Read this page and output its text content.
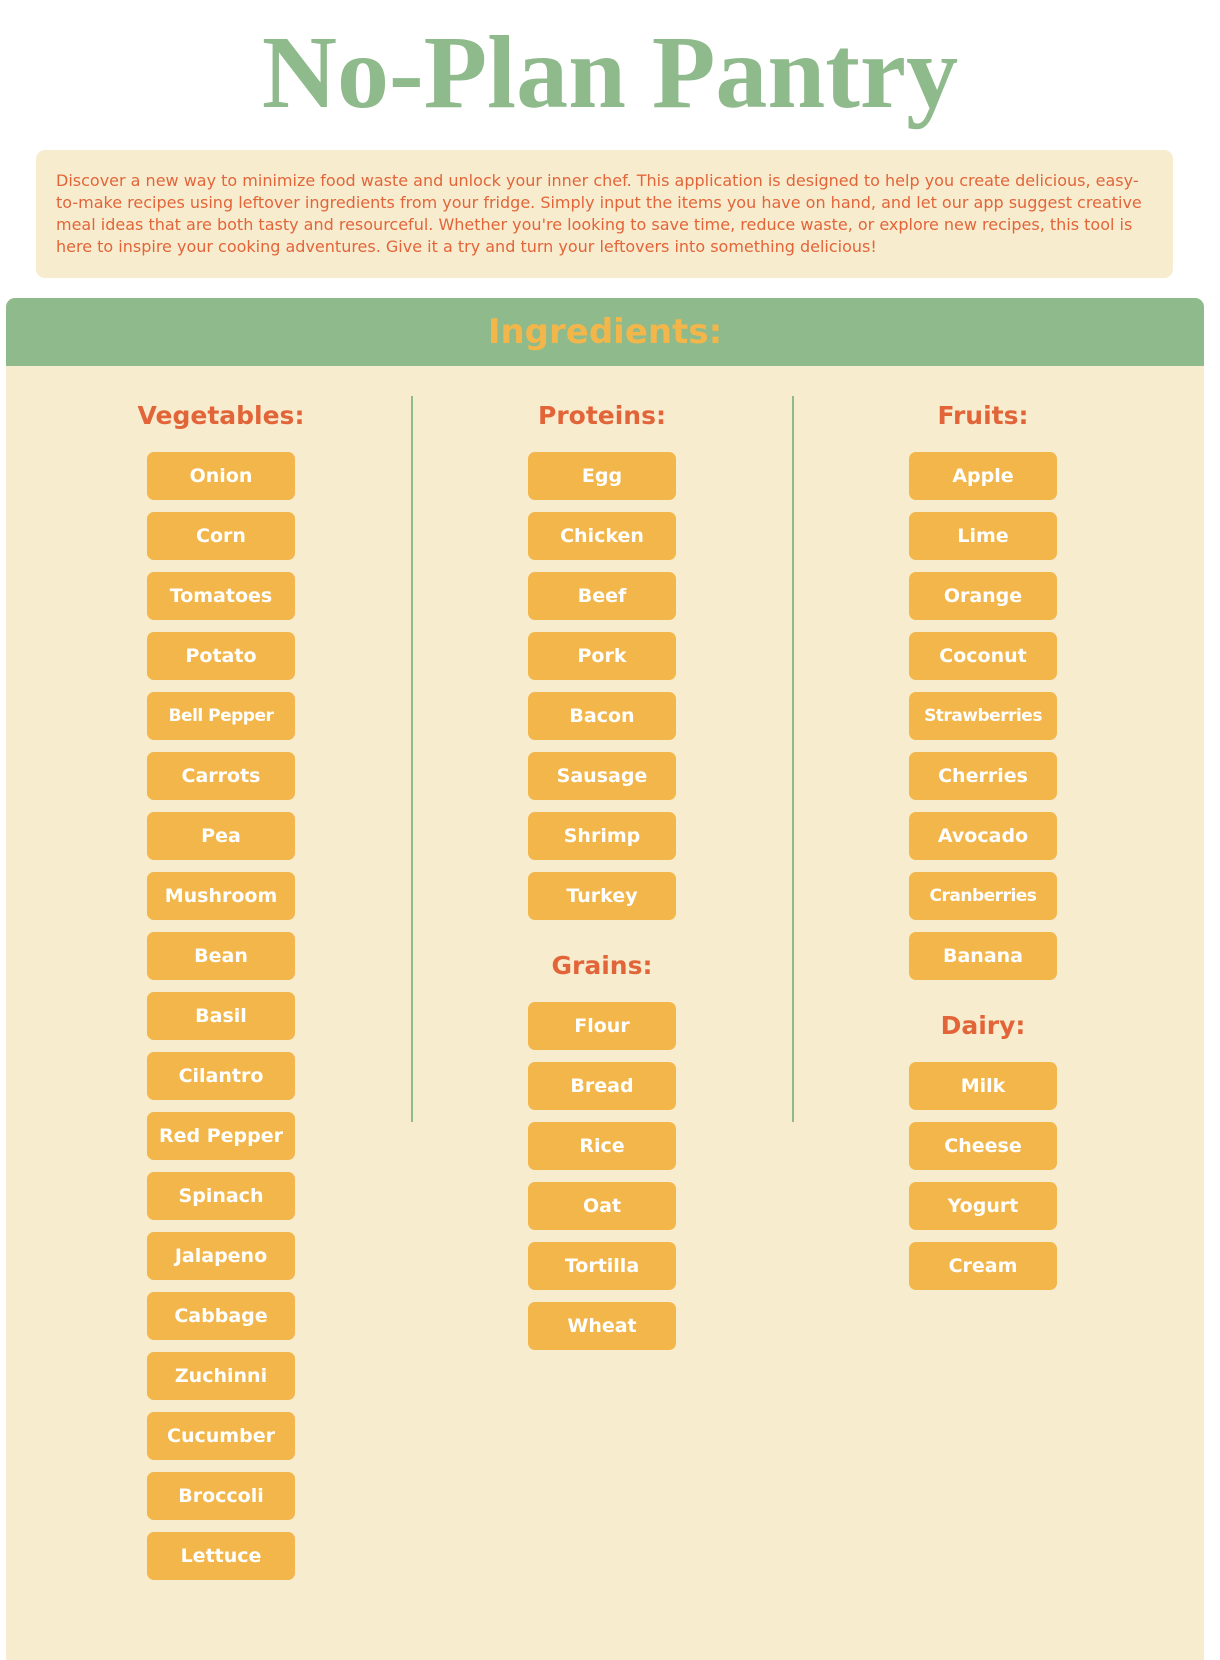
No-Plan Pantry
Discover a new way to minimize food waste and unlock your inner chef. This application is designed to help you create delicious, easy-to-make recipes using leftover ingredients from your fridge. Simply input the items you have on hand, and let our app suggest creative meal ideas that are both tasty and resourceful. Whether you're looking to save time, reduce waste, or explore new recipes, this tool is here to inspire your cooking adventures. Give it a try and turn your leftovers into something delicious!
Ingredients:
Vegetables:
Onion
Corn
Tomatoes
Potato
Bell Pepper
Carrots
Pea
Mushroom
Bean
Basil
Cilantro
Red Pepper
Spinach
Jalapeno
Cabbage
Zuchinni
Cucumber
Broccoli
Lettuce
Proteins:
Egg
Chicken
Beef
Pork
Bacon
Sausage
Shrimp
Turkey
Grains:
Flour
Bread
Rice
Oat
Tortilla
Wheat
Fruits:
Apple
Lime
Orange
Coconut
Strawberries
Cherries
Avocado
Cranberries
Banana
Dairy:
Milk
Cheese
Yogurt
Cream
